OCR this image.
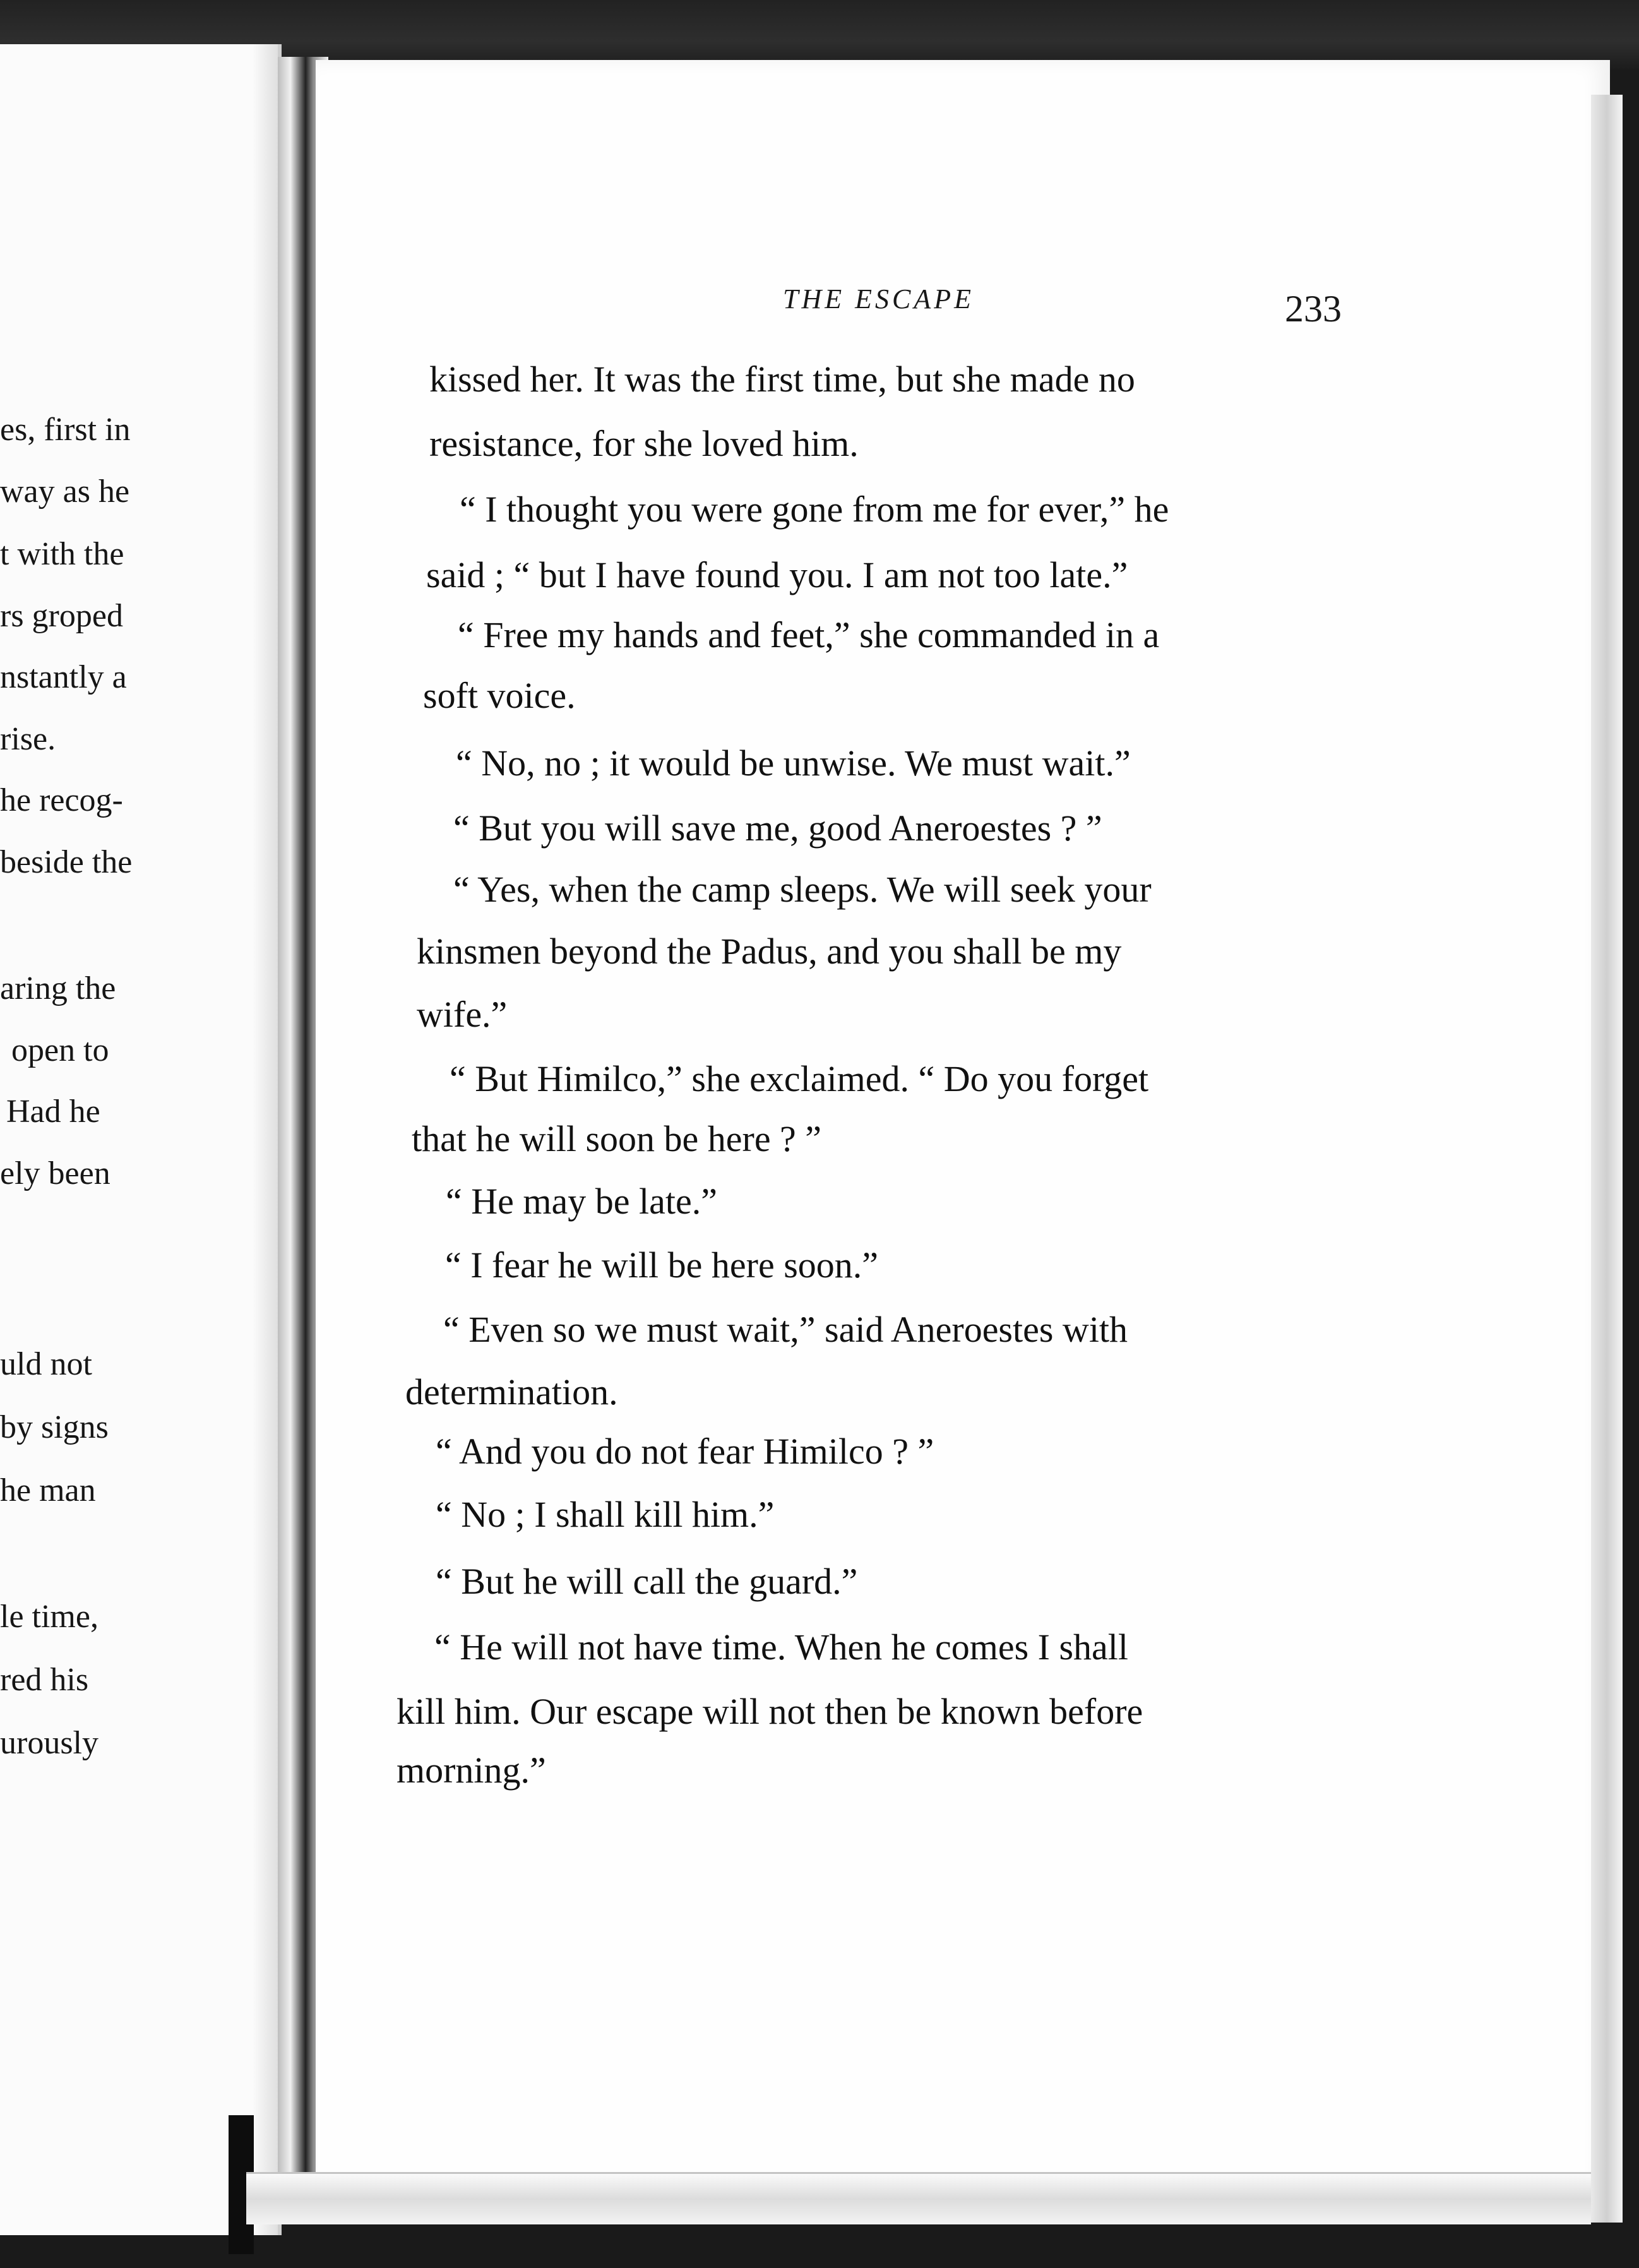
es, first in
way as he
t with the
rs groped
nstantly a
rise.
he recog-
beside the
aring the
open to
Had he
ely been
uld not
by signs
he man
le time,
red his
urously
THE ESCAPE	233
kissed her. It was the first time, but she made no
resistance, for she loved him.
“ I thought you were gone from me for ever,” he
said ; “ but I have found you. I am not too late.”
“ Free my hands and feet,” she commanded in a
soft voice.
“ No, no ; it would be unwise. We must wait.”
“ But you will save me, good Aneroestes ? ”
“ Yes, when the camp sleeps. We will seek your
kinsmen beyond the Padus, and you shall be my
wife.”
“ But Himilco,” she exclaimed. “ Do you forget
that he will soon be here ? ”
“ He may be late.”
“ I fear he will be here soon.”
“ Even so we must wait,” said Aneroestes with
determination.
“ And you do not fear Himilco ? ”
“ No ; I shall kill him.”
“ But he will call the guard.”
“ He will not have time. When he comes I shall
kill him. Our escape will not then be known before
morning.”
